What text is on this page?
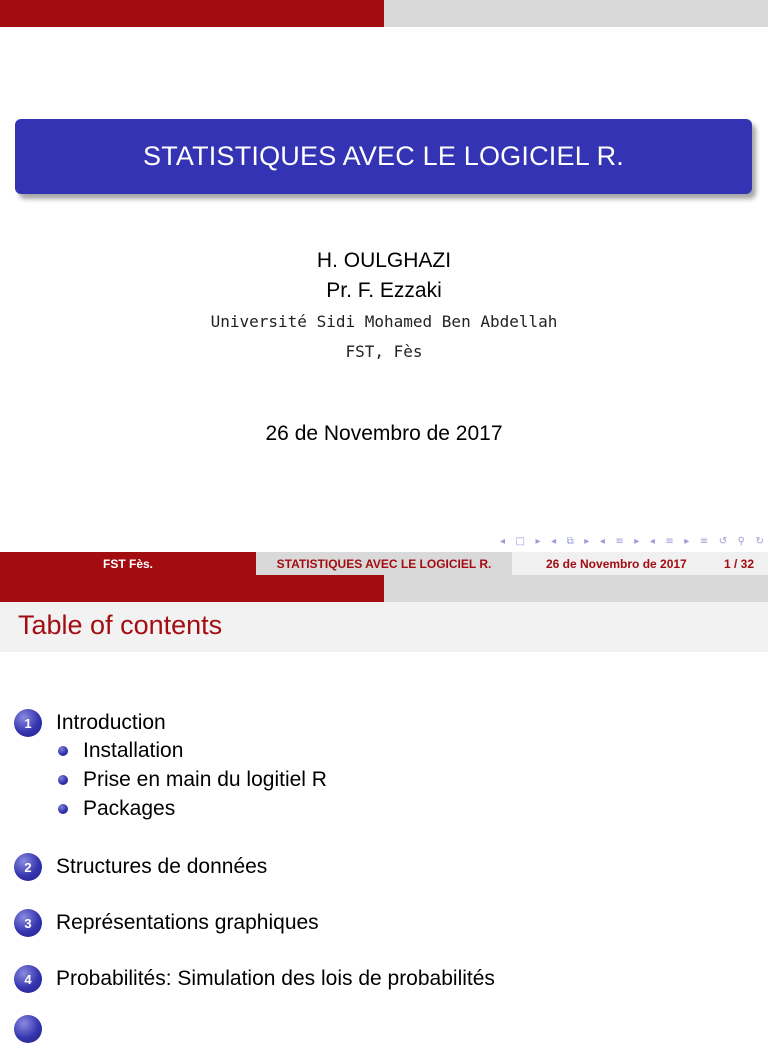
STATISTIQUES AVEC LE LOGICIEL R.
H. OULGHAZI
Pr. F. Ezzaki
Université Sidi Mohamed Ben Abdellah
FST, Fès
26 de Novembro de 2017
◂ □ ▸ ◂ ⧉ ▸ ◂ ≡ ▸ ◂ ≡ ▸ ≡ ↺ ⚲ ↻
FST Fès.	STATISTIQUES AVEC LE LOGICIEL R.	26 de Novembro de 2017	1 / 32
Table of contents
1	Introduction
Installation
Prise en main du logitiel R
Packages
2	Structures de données
3	Représentations graphiques
4	Probabilités: Simulation des lois de probabilités
